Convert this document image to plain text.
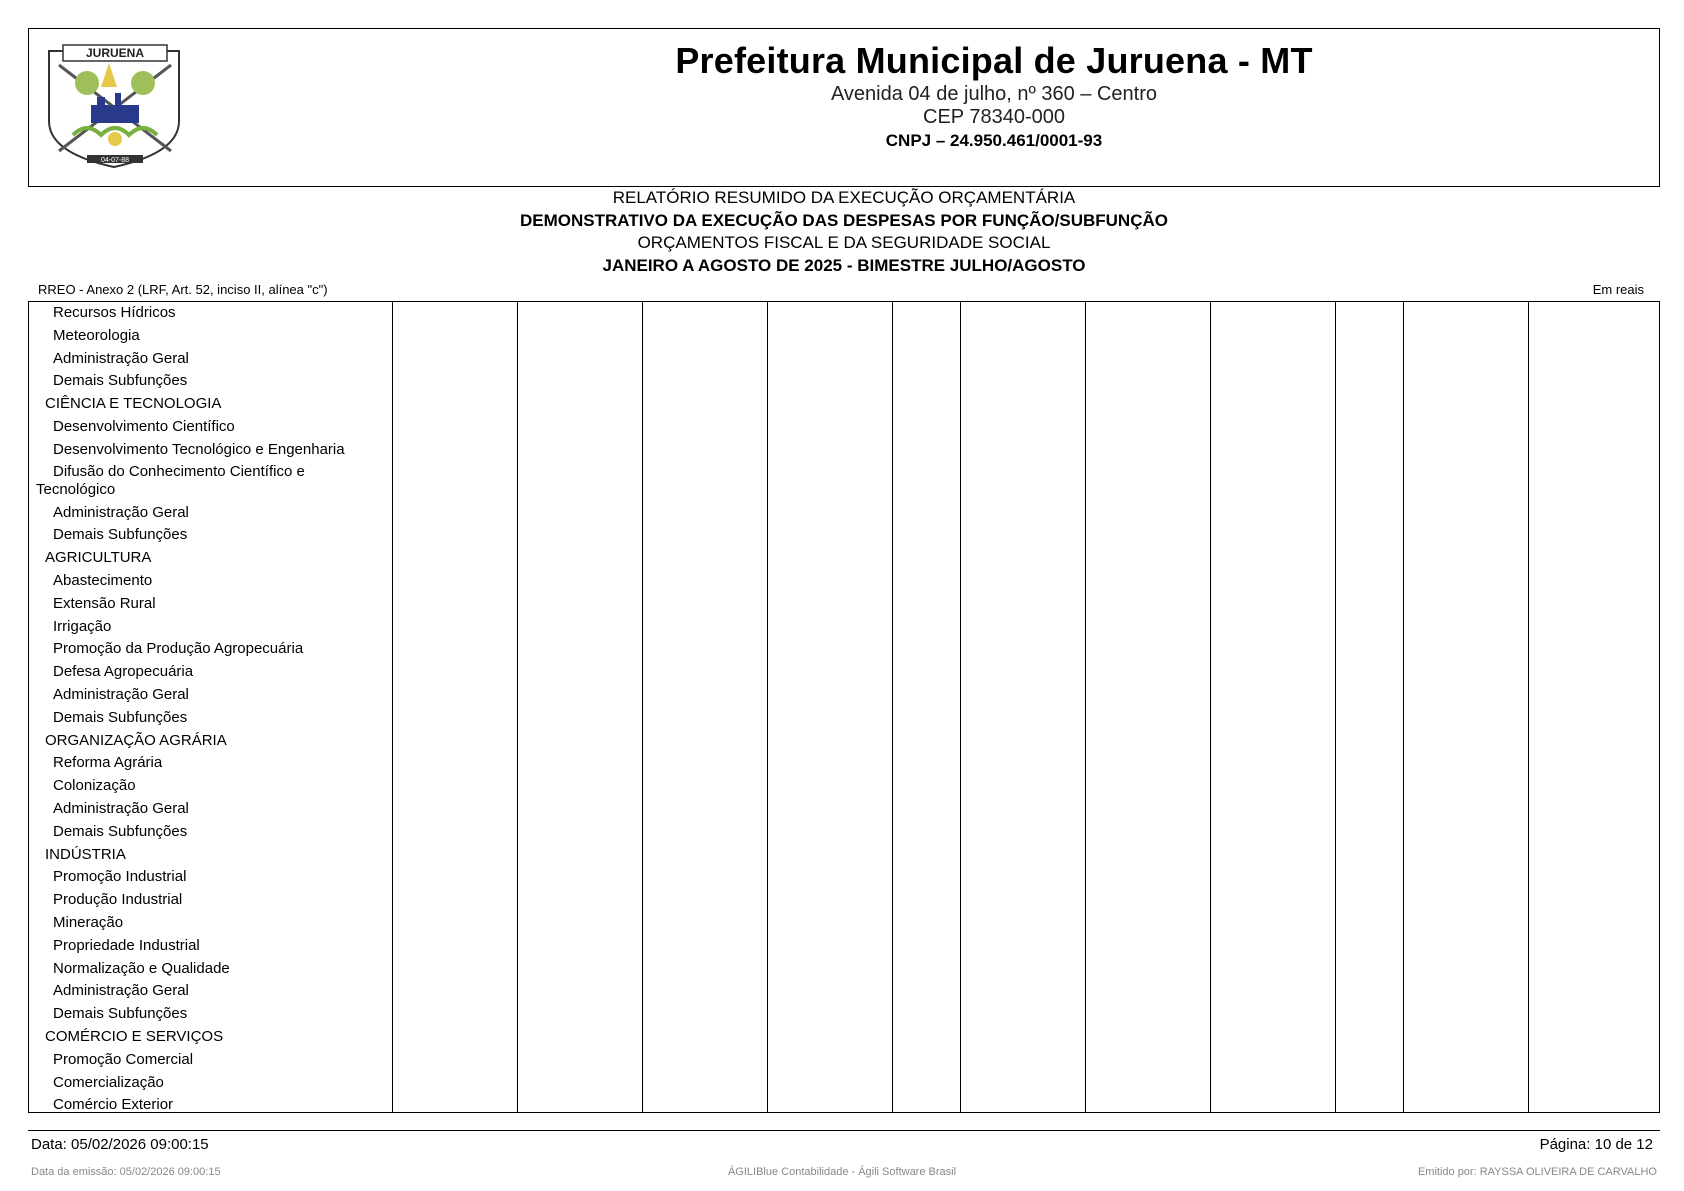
JURUENA
04-07-88
Prefeitura Municipal de Juruena - MT
Avenida 04 de julho, nº 360 – Centro
CEP 78340-000
CNPJ – 24.950.461/0001-93
RELATÓRIO RESUMIDO DA EXECUÇÃO ORÇAMENTÁRIA
DEMONSTRATIVO DA EXECUÇÃO DAS DESPESAS POR FUNÇÃO/SUBFUNÇÃO
ORÇAMENTOS FISCAL E DA SEGURIDADE SOCIAL
JANEIRO A AGOSTO DE 2025 - BIMESTRE JULHO/AGOSTO
RREO - Anexo 2 (LRF, Art. 52, inciso II, alínea "c")	Em reais
Recursos Hídricos
Meteorologia
Administração Geral
Demais Subfunções
CIÊNCIA E TECNOLOGIA
Desenvolvimento Científico
Desenvolvimento Tecnológico e Engenharia
Difusão do Conhecimento Científico e
Tecnológico
Administração Geral
Demais Subfunções
AGRICULTURA
Abastecimento
Extensão Rural
Irrigação
Promoção da Produção Agropecuária
Defesa Agropecuária
Administração Geral
Demais Subfunções
ORGANIZAÇÃO AGRÁRIA
Reforma Agrária
Colonização
Administração Geral
Demais Subfunções
INDÚSTRIA
Promoção Industrial
Produção Industrial
Mineração
Propriedade Industrial
Normalização e Qualidade
Administração Geral
Demais Subfunções
COMÉRCIO E SERVIÇOS
Promoção Comercial
Comercialização
Comércio Exterior
Data: 05/02/2026 09:00:15	Página: 10 de 12
Data da emissão: 05/02/2026 09:00:15	ÁGILIBlue Contabilidade - Ágili Software Brasil	Emitido por: RAYSSA OLIVEIRA DE CARVALHO
